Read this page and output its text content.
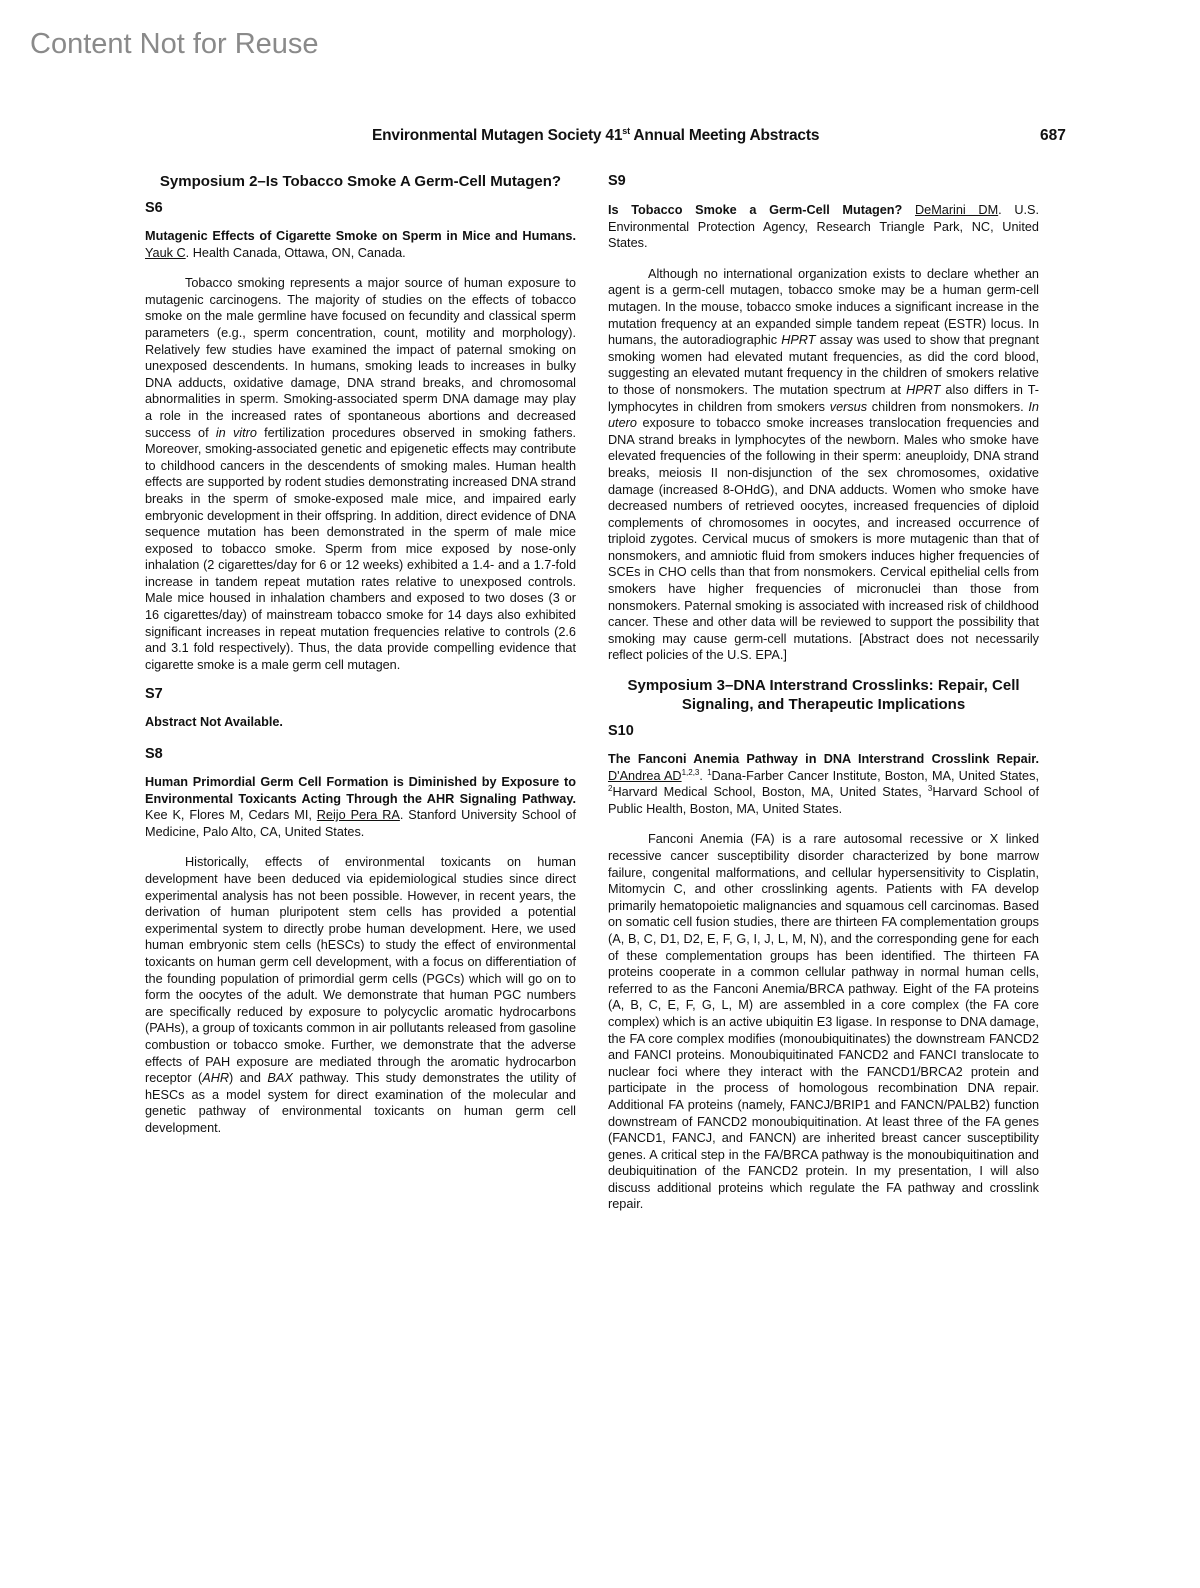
Content Not for Reuse
Environmental Mutagen Society 41st Annual Meeting Abstracts	687
Symposium 2–Is Tobacco Smoke A Germ-Cell Mutagen?
S6
Mutagenic Effects of Cigarette Smoke on Sperm in Mice and Humans. Yauk C. Health Canada, Ottawa, ON, Canada.

Tobacco smoking represents a major source of human exposure to mutagenic carcinogens. The majority of studies on the effects of tobacco smoke on the male germline have focused on fecundity and classical sperm parameters (e.g., sperm concentration, count, motility and morphology). Relatively few studies have examined the impact of paternal smoking on unexposed descendents. In humans, smoking leads to increases in bulky DNA adducts, oxidative damage, DNA strand breaks, and chromosomal abnormalities in sperm. Smoking-associated sperm DNA damage may play a role in the increased rates of spontaneous abortions and decreased success of in vitro fertilization procedures observed in smoking fathers. Moreover, smoking-associated genetic and epigenetic effects may contribute to childhood cancers in the descendents of smoking males. Human health effects are supported by rodent studies demonstrating increased DNA strand breaks in the sperm of smoke-exposed male mice, and impaired early embryonic development in their offspring. In addition, direct evidence of DNA sequence mutation has been demonstrated in the sperm of male mice exposed to tobacco smoke. Sperm from mice exposed by nose-only inhalation (2 cigarettes/day for 6 or 12 weeks) exhibited a 1.4- and a 1.7-fold increase in tandem repeat mutation rates relative to unexposed controls. Male mice housed in inhalation chambers and exposed to two doses (3 or 16 cigarettes/day) of mainstream tobacco smoke for 14 days also exhibited significant increases in repeat mutation frequencies relative to controls (2.6 and 3.1 fold respectively). Thus, the data provide compelling evidence that cigarette smoke is a male germ cell mutagen.

S7
Abstract Not Available.
S8
Human Primordial Germ Cell Formation is Diminished by Exposure to Environmental Toxicants Acting Through the AHR Signaling Pathway. Kee K, Flores M, Cedars MI, Reijo Pera RA. Stanford University School of Medicine, Palo Alto, CA, United States.

Historically, effects of environmental toxicants on human development have been deduced via epidemiological studies since direct experimental analysis has not been possible. However, in recent years, the derivation of human pluripotent stem cells has provided a potential experimental system to directly probe human development. Here, we used human embryonic stem cells (hESCs) to study the effect of environmental toxicants on human germ cell development, with a focus on differentiation of the founding population of primordial germ cells (PGCs) which will go on to form the oocytes of the adult. We demonstrate that human PGC numbers are specifically reduced by exposure to polycyclic aromatic hydrocarbons (PAHs), a group of toxicants common in air pollutants released from gasoline combustion or tobacco smoke. Further, we demonstrate that the adverse effects of PAH exposure are mediated through the aromatic hydrocarbon receptor (AHR) and BAX pathway. This study demonstrates the utility of hESCs as a model system for direct examination of the molecular and genetic pathway of environmental toxicants on human germ cell development.

S9
Is Tobacco Smoke a Germ-Cell Mutagen? DeMarini DM. U.S. Environmental Protection Agency, Research Triangle Park, NC, United States.

Although no international organization exists to declare whether an agent is a germ-cell mutagen, tobacco smoke may be a human germ-cell mutagen. In the mouse, tobacco smoke induces a significant increase in the mutation frequency at an expanded simple tandem repeat (ESTR) locus. In humans, the autoradiographic HPRT assay was used to show that pregnant smoking women had elevated mutant frequencies, as did the cord blood, suggesting an elevated mutant frequency in the children of smokers relative to those of nonsmokers. The mutation spectrum at HPRT also differs in T-lymphocytes in children from smokers versus children from nonsmokers. In utero exposure to tobacco smoke increases translocation frequencies and DNA strand breaks in lymphocytes of the newborn. Males who smoke have elevated frequencies of the following in their sperm: aneuploidy, DNA strand breaks, meiosis II non-disjunction of the sex chromosomes, oxidative damage (increased 8-OHdG), and DNA adducts. Women who smoke have decreased numbers of retrieved oocytes, increased frequencies of diploid complements of chromosomes in oocytes, and increased occurrence of triploid zygotes. Cervical mucus of smokers is more mutagenic than that of nonsmokers, and amniotic fluid from smokers induces higher frequencies of SCEs in CHO cells than that from nonsmokers. Cervical epithelial cells from smokers have higher frequencies of micronuclei than those from nonsmokers. Paternal smoking is associated with increased risk of childhood cancer. These and other data will be reviewed to support the possibility that smoking may cause germ-cell mutations. [Abstract does not necessarily reflect policies of the U.S. EPA.]

Symposium 3–DNA Interstrand Crosslinks: Repair, Cell Signaling, and Therapeutic Implications
S10
The Fanconi Anemia Pathway in DNA Interstrand Crosslink Repair. D'Andrea AD$^{1,2,3}$. $^1$Dana-Farber Cancer Institute, Boston, MA, United States, $^2$Harvard Medical School, Boston, MA, United States, $^3$Harvard School of Public Health, Boston, MA, United States.

Fanconi Anemia (FA) is a rare autosomal recessive or X linked recessive cancer susceptibility disorder characterized by bone marrow failure, congenital malformations, and cellular hypersensitivity to Cisplatin, Mitomycin C, and other crosslinking agents. Patients with FA develop primarily hematopoietic malignancies and squamous cell carcinomas. Based on somatic cell fusion studies, there are thirteen FA complementation groups (A, B, C, D1, D2, E, F, G, I, J, L, M, N), and the corresponding gene for each of these complementation groups has been identified. The thirteen FA proteins cooperate in a common cellular pathway in normal human cells, referred to as the Fanconi Anemia/BRCA pathway. Eight of the FA proteins (A, B, C, E, F, G, L, M) are assembled in a core complex (the FA core complex) which is an active ubiquitin E3 ligase. In response to DNA damage, the FA core complex modifies (monoubiquitinates) the downstream FANCD2 and FANCI proteins. Monoubiquitinated FANCD2 and FANCI translocate to nuclear foci where they interact with the FANCD1/BRCA2 protein and participate in the process of homologous recombination DNA repair. Additional FA proteins (namely, FANCJ/BRIP1 and FANCN/PALB2) function downstream of FANCD2 monoubiquitination. At least three of the FA genes (FANCD1, FANCJ, and FANCN) are inherited breast cancer susceptibility genes. A critical step in the FA/BRCA pathway is the monoubiquitination and deubiquitination of the FANCD2 protein. In my presentation, I will also discuss additional proteins which regulate the FA pathway and crosslink repair.
